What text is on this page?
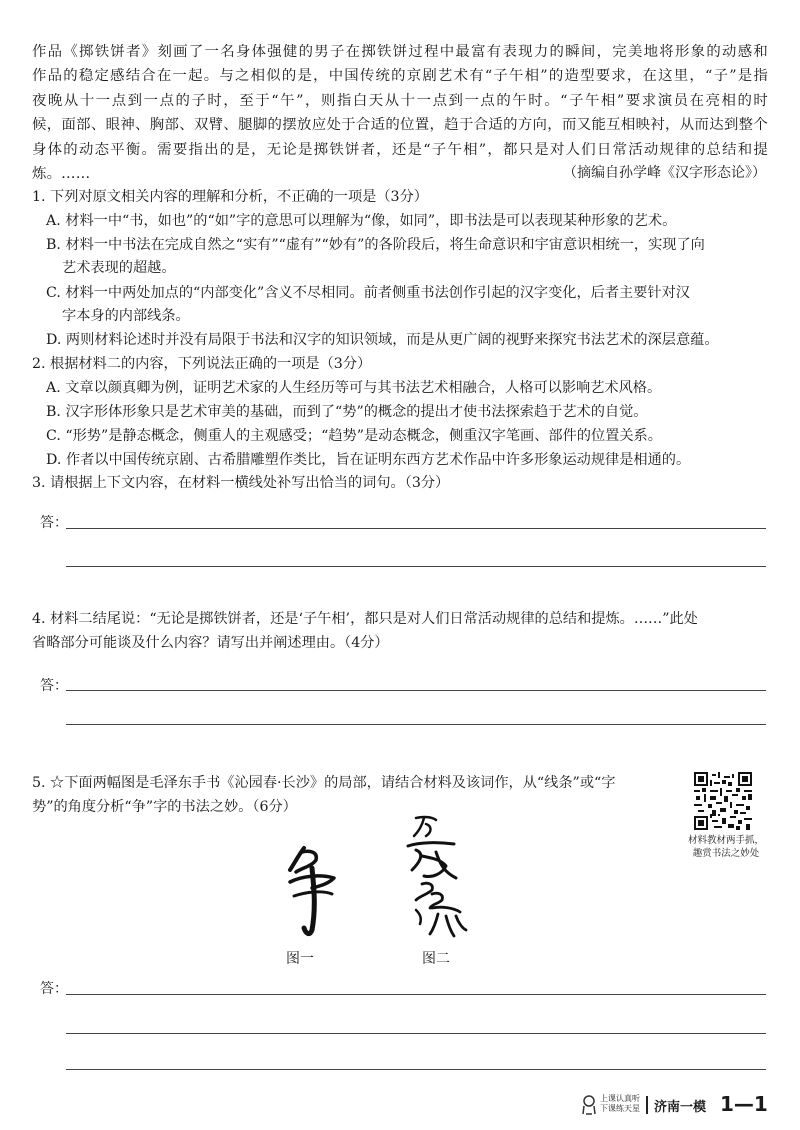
作品《掷铁饼者》刻画了一名身体强健的男子在掷铁饼过程中最富有表现力的瞬间，完美地将形象的动感和
作品的稳定感结合在一起。与之相似的是，中国传统的京剧艺术有“子午相”的造型要求，在这里，“子”是指
夜晚从十一点到一点的子时，至于“午”，则指白天从十一点到一点的午时。“子午相”要求演员在亮相的时
候，面部、眼神、胸部、双臂、腿脚的摆放应处于合适的位置，趋于合适的方向，而又能互相映衬，从而达到整个
身体的动态平衡。需要指出的是，无论是掷铁饼者，还是“子午相”，都只是对人们日常活动规律的总结和提
炼。……	（摘编自孙学峰《汉字形态论》）
1. 下列对原文相关内容的理解和分析，不正确的一项是（3分）
A. 材料一中“书，如也”的“如”字的意思可以理解为“像，如同”，即书法是可以表现某种形象的艺术。
B. 材料一中书法在完成自然之“实有”“虚有”“妙有”的各阶段后，将生命意识和宇宙意识相统一，实现了向
艺术表现的超越。
C. 材料一中两处加点的“内部变化”含义不尽相同。前者侧重书法创作引起的汉字变化，后者主要针对汉
字本身的内部线条。
D. 两则材料论述时并没有局限于书法和汉字的知识领域，而是从更广阔的视野来探究书法艺术的深层意蕴。
2. 根据材料二的内容，下列说法正确的一项是（3分）
A. 文章以颜真卿为例，证明艺术家的人生经历等可与其书法艺术相融合，人格可以影响艺术风格。
B. 汉字形体形象只是艺术审美的基础，而到了“势”的概念的提出才使书法探索趋于艺术的自觉。
C. “形势”是静态概念，侧重人的主观感受；“趋势”是动态概念，侧重汉字笔画、部件的位置关系。
D. 作者以中国传统京剧、古希腊雕塑作类比，旨在证明东西方艺术作品中许多形象运动规律是相通的。
3. 请根据上下文内容，在材料一横线处补写出恰当的词句。（3分）
答：
4. 材料二结尾说：“无论是掷铁饼者，还是‘子午相’，都只是对人们日常活动规律的总结和提炼。……”此处
省略部分可能谈及什么内容？请写出并阐述理由。（4分）
答：
5. ☆下面两幅图是毛泽东手书《沁园春·长沙》的局部，请结合材料及该词作，从“线条”或“字
势”的角度分析“争”字的书法之妙。（6分）
材料教材两手抓，
趣赏书法之妙处
图一	图二
答：
上课认真听
下课练天星 济南一模 1—1
